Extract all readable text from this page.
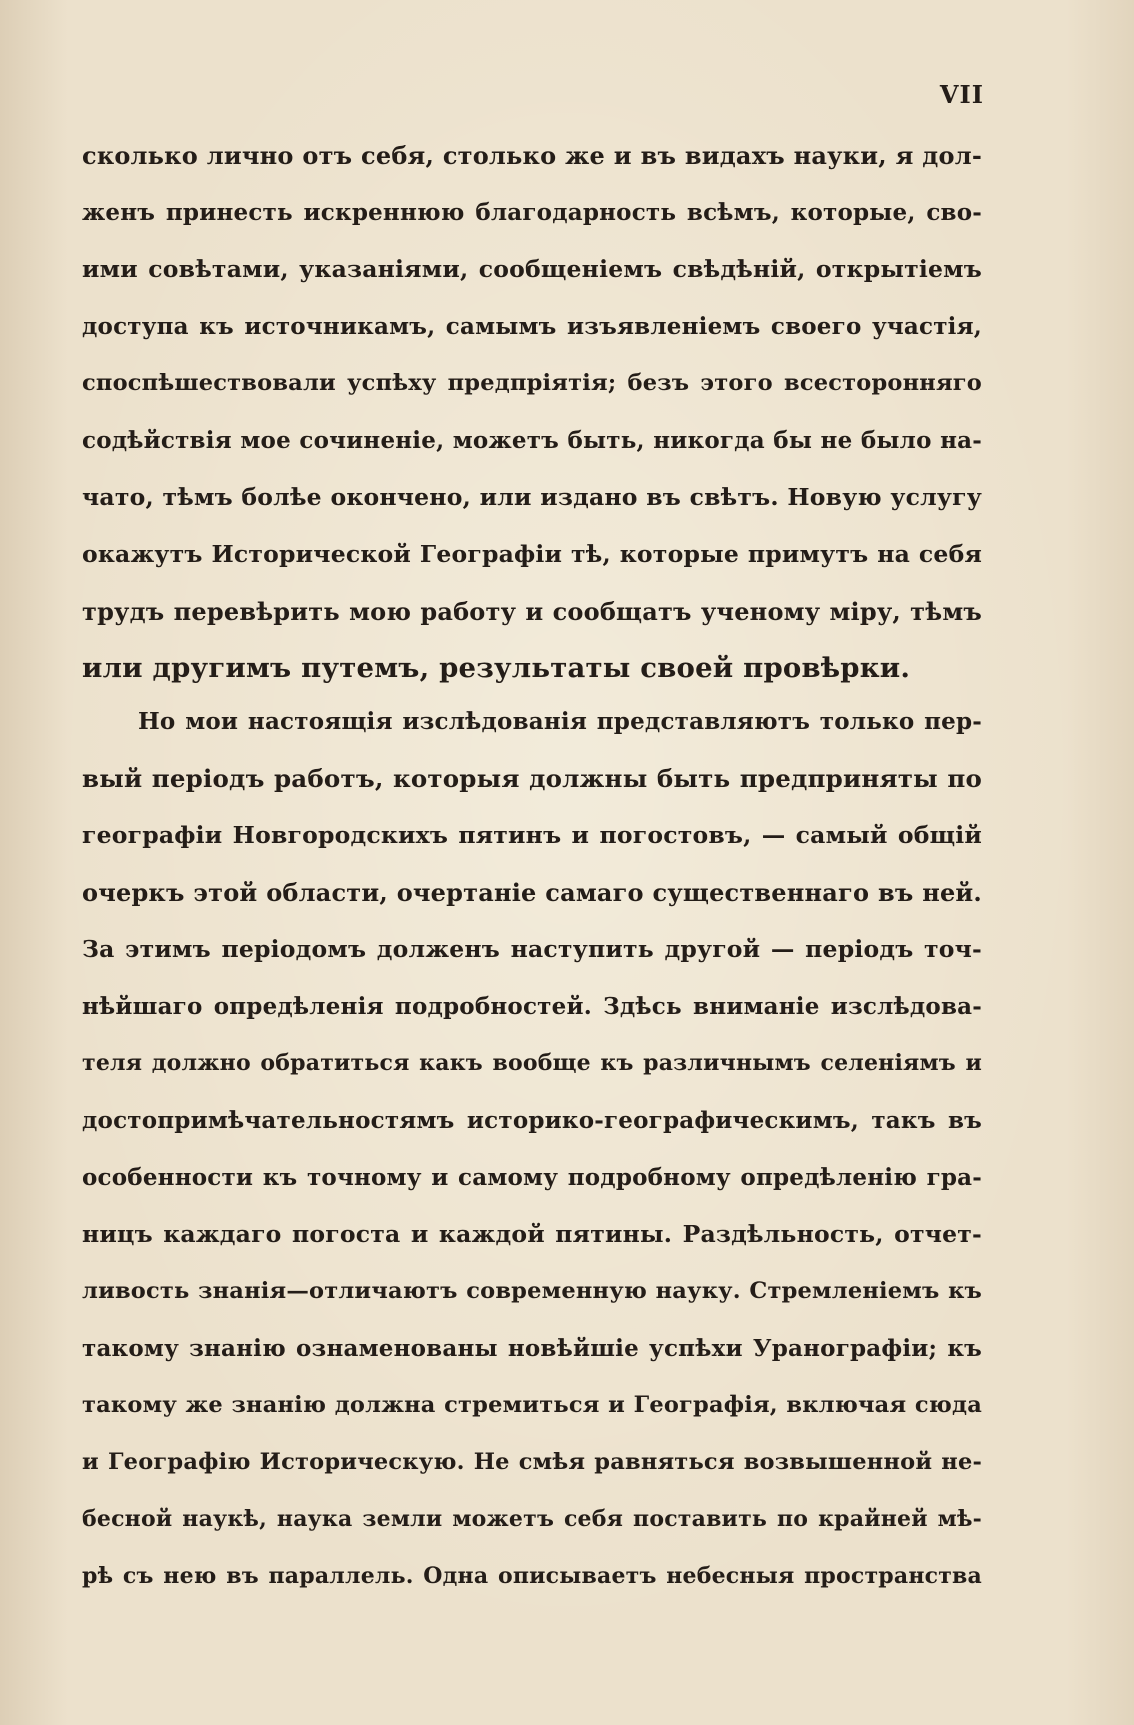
VII
сколько лично отъ себя, столько же и въ видахъ науки, я дол-
женъ принесть искреннюю благодарность всѣмъ, которые, сво-
ими совѣтами, указаніями, сообщеніемъ свѣдѣній, открытіемъ
доступа къ источникамъ, самымъ изъявленіемъ своего участія,
споспѣшествовали успѣху предпріятія; безъ этого всесторонняго
содѣйствія мое сочиненіе, можетъ быть, никогда бы не было на-
чато, тѣмъ болѣе окончено, или издано въ свѣтъ. Новую услугу
окажутъ Исторической Географіи тѣ, которые примутъ на себя
трудъ перевѣрить мою работу и сообщатъ ученому міру, тѣмъ
или другимъ путемъ, результаты своей провѣрки.
Но мои настоящія изслѣдованія представляютъ только пер-
вый періодъ работъ, которыя должны быть предприняты по
географіи Новгородскихъ пятинъ и погостовъ, — самый общій
очеркъ этой области, очертаніе самаго существеннаго въ ней.
За этимъ періодомъ долженъ наступить другой — періодъ точ-
нѣйшаго опредѣленія подробностей. Здѣсь вниманіе изслѣдова-
теля должно обратиться какъ вообще къ различнымъ селеніямъ и
достопримѣчательностямъ историко-географическимъ, такъ въ
особенности къ точному и самому подробному опредѣленію гра-
ницъ каждаго погоста и каждой пятины. Раздѣльность, отчет-
ливость знанія—отличаютъ современную науку. Стремленіемъ къ
такому знанію ознаменованы новѣйшіе успѣхи Уранографіи; къ
такому же знанію должна стремиться и Географія, включая сюда
и Географію Историческую. Не смѣя равняться возвышенной не-
бесной наукѣ, наука земли можетъ себя поставить по крайней мѣ-
рѣ съ нею въ параллель. Одна описываетъ небесныя пространства
